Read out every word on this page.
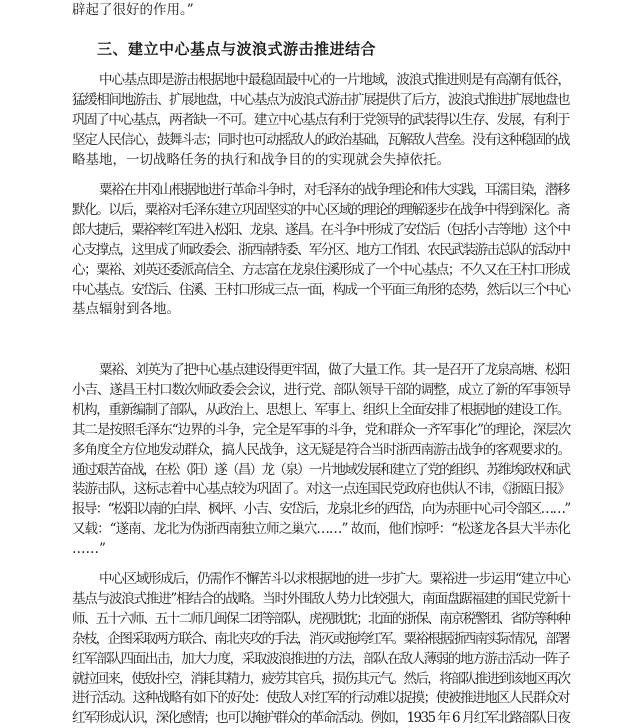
辟起了很好的作用。”
三、建立中心基点与波浪式游击推进结合
中心基点即是游击根据地中最稳固最中心的一片地域，波浪式推进则是有高潮有低谷，
猛缓相间地游击、扩展地盘，中心基点为波浪式游击扩展提供了后方，波浪式推进扩展地盘也
巩固了中心基点，两者缺一不可。建立中心基点有利于党领导的武装得以生存、发展，有利于
坚定人民信心，鼓舞斗志；同时也可动摇敌人的政治基础，瓦解敌人营垒。没有这种稳固的战
略基地，一切战略任务的执行和战争目的的实现就会失掉依托。
粟裕在井冈山根据地进行革命斗争时，对毛泽东的战争理论和伟大实践，耳濡目染，潜移
默化。以后，粟裕对毛泽东建立巩固坚实的中心区域的理论的理解逐步在战争中得到深化。斋
郎大捷后，粟裕率红军进入松阳、龙泉、遂昌。在斗争中形成了安岱后（包括小吉等地）这个中
心支撑点，这里成了师政委会、浙西南特委、军分区、地方工作团、农民武装游击总队的活动中
心；粟裕、刘英还委派高信全、方志富在龙泉住溪形成了一个中心基点；不久又在王村口形成
中心基点。安岱后、住溪、王村口形成三点一面，构成一个平面三角形的态势，然后以三个中心
基点辐射到各地。
粟裕、刘英为了把中心基点建设得更牢固，做了大量工作。其一是召开了龙泉高塘、松阳
小吉、遂昌王村口数次师政委会会议，进行党、部队领导干部的调整，成立了新的军事领导
机构，重新编制了部队，从政治上、思想上、军事上、组织上全面安排了根据地的建设工作。
其二是按照毛泽东“边界的斗争，完全是军事的斗争，党和群众一齐军事化”的理论，深层次
多角度全方位地发动群众，搞人民战争，这无疑是符合当时浙西南游击战争的客观要求的。
通过艰苦奋战，在松（阳）遂（昌）龙（泉）一片地域发展和建立了党的组织、苏维埃政权和武
装游击队，这标志着中心基点较为巩固了。对这一点连国民党政府也供认不讳，《浙瓯日报》
报导：“松阳以南的白岸、枫坪、小吉、安岱后，龙泉北乡的西岱，向为赤匪中心司令部区……”
又载：“遂南、龙北为伪浙西南独立师之巢穴……” 故而，他们惊呼：“松遂龙各县大半赤化
……”
中心区域形成后，仍需作不懈苦斗以求根据地的进一步扩大。粟裕进一步运用“建立中心
基点与波浪式推进”相结合的战略。当时外围敌人势力比较强大，南面盘踞福建的国民党新十
师、五十六师、五十二师几闽保二团等部队，虎视眈眈；北面的浙保、南京税警团、省防等种种
杂枝，企图采取两方联合、南北夹攻的手法，消灭或拖垮红军。粟裕根据浙西南实际情况，部署
红军部队四面出击，加大力度，采取波浪推进的方法，部队在敌人薄弱的地方游击活动一阵子
就拉回来，使敌扑空，消耗其精力，疲劳其官兵，损伤其元气。然后，将部队推进到该地区再次
进行活动。这种战略有如下的好处：使敌人对红军的行动难以捉摸；使被推进地区人民群众对
红军形成认识，深化感情；也可以掩护群众的革命活动。例如，1935 年 6 月红军北路部队日夜
